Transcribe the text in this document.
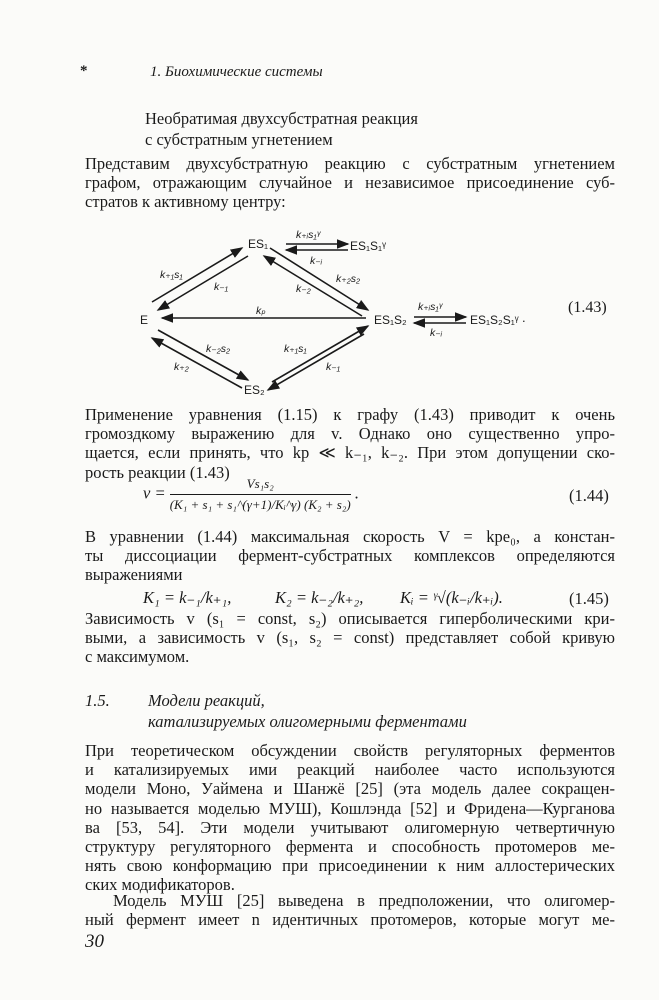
*	1. Биохимические системы
Необратимая двухсубстратная реакция
с субстратным угнетением
Представим двухсубстратную реакцию с субстратным угнетением
графом, отражающим случайное и независимое присоединение суб-
стратов к активному центру:
E
ES₁
ES₂
ES₁S₂
ES₁S₁ᵞ
ES₁S₂S₁ᵞ
k₊₁s₁
k₋₁
k₊₂s₂
k₋₂
kₚ
k₋₂s₂
k₊₂
k₊₁s₁
k₋₁
k₊ᵢs₁ᵞ
k₋ᵢ
k₊ᵢs₁ᵞ
k₋ᵢ
.
(1.43)
Применение уравнения (1.15) к графу (1.43) приводит к очень
громоздкому выражению для v. Однако оно существенно упро-
щается, если принять, что kp ≪ k₋₁, k₋₂. При этом допущении ско-
рость реакции (1.43)
$v = \frac{\text{Vs₁s₂}}{\text{(K₁ + s₁ + s₁\textasciicircum{}(γ+1)/Kᵢ\textasciicircum{}γ) (K₂ + s₂)}}$ .	(1.44)
В уравнении (1.44) максимальная скорость V = kpe₀, а констан-
ты диссоциации фермент-субстратных комплексов определяются
выражениями
K₁ = k₋₁/k₊₁,	K₂ = k₋₂/k₊₂, Kᵢ = ᵞ√(k₋ᵢ/k₊ᵢ).	(1.45)
Зависимость v (s₁ = const, s₂) описывается гиперболическими кри-
выми, а зависимость v (s₁, s₂ = const) представляет собой кривую
с максимумом.
1.5. Модели реакций,
катализируемых олигомерными ферментами
При теоретическом обсуждении свойств регуляторных ферментов
и катализируемых ими реакций наиболее часто используются
модели Моно, Уаймена и Шанжё [25] (эта модель далее сокращен-
но называется моделью МУШ), Кошлэнда [52] и Фридена—Курганова
ва [53, 54]. Эти модели учитывают олигомерную четвертичную
структуру регуляторного фермента и способность протомеров ме-
нять свою конформацию при присоединении к ним аллостерических
ских модификаторов.
Модель МУШ [25] выведена в предположении, что олигомер-
ный фермент имеет n идентичных протомеров, которые могут ме-
30
